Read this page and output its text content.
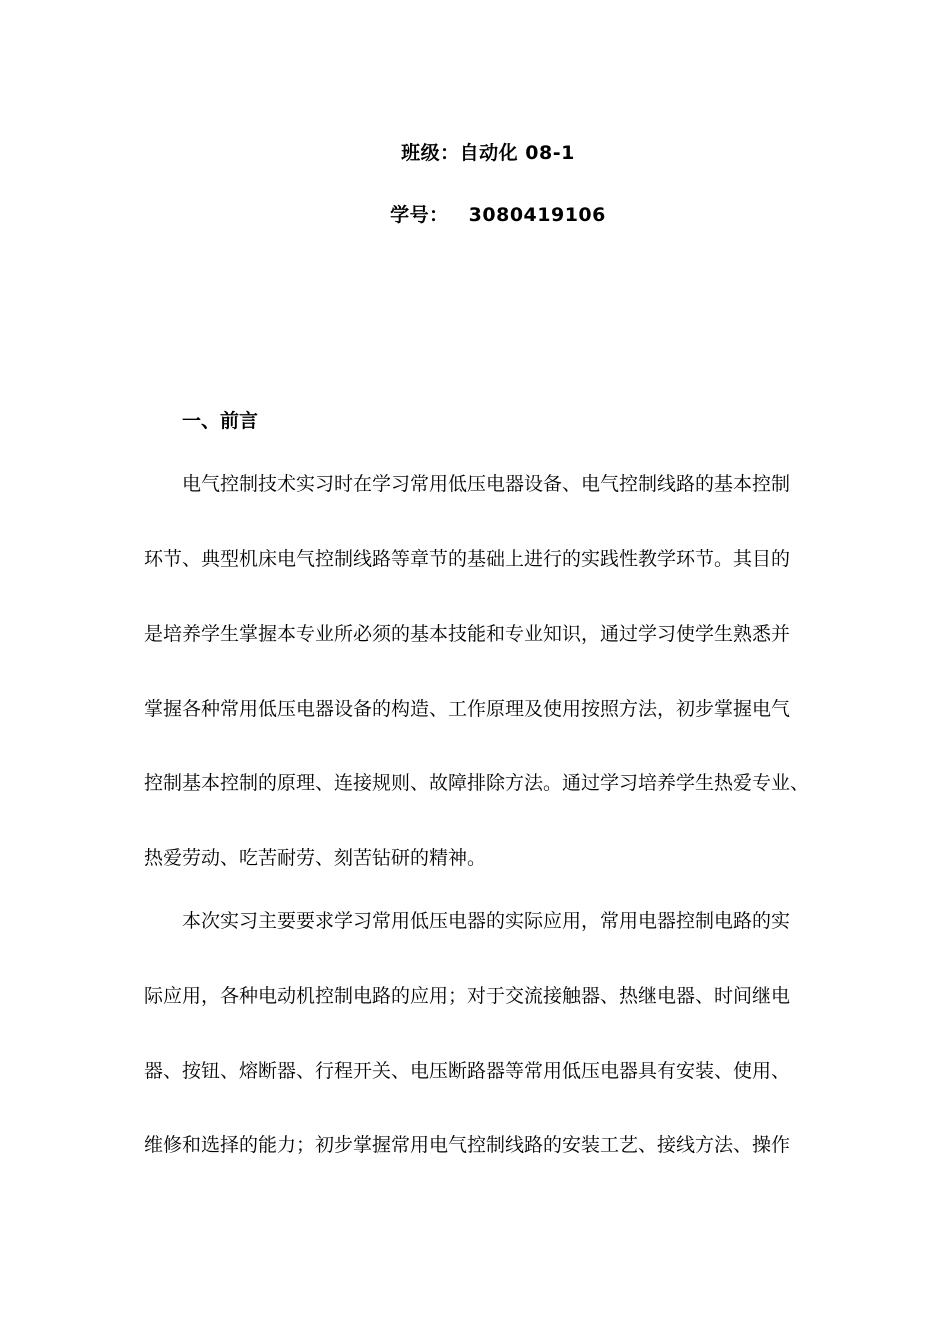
班级：自动化 08-1
学号： 3080419106
一、前言
电气控制技术实习时在学习常用低压电器设备、电气控制线路的基本控制
环节、典型机床电气控制线路等章节的基础上进行的实践性教学环节。其目的
是培养学生掌握本专业所必须的基本技能和专业知识，通过学习使学生熟悉并
掌握各种常用低压电器设备的构造、工作原理及使用按照方法，初步掌握电气
控制基本控制的原理、连接规则、故障排除方法。通过学习培养学生热爱专业、
热爱劳动、吃苦耐劳、刻苦钻研的精神。
本次实习主要要求学习常用低压电器的实际应用，常用电器控制电路的实
际应用，各种电动机控制电路的应用；对于交流接触器、热继电器、时间继电
器、按钮、熔断器、行程开关、电压断路器等常用低压电器具有安装、使用、
维修和选择的能力；初步掌握常用电气控制线路的安装工艺、接线方法、操作
